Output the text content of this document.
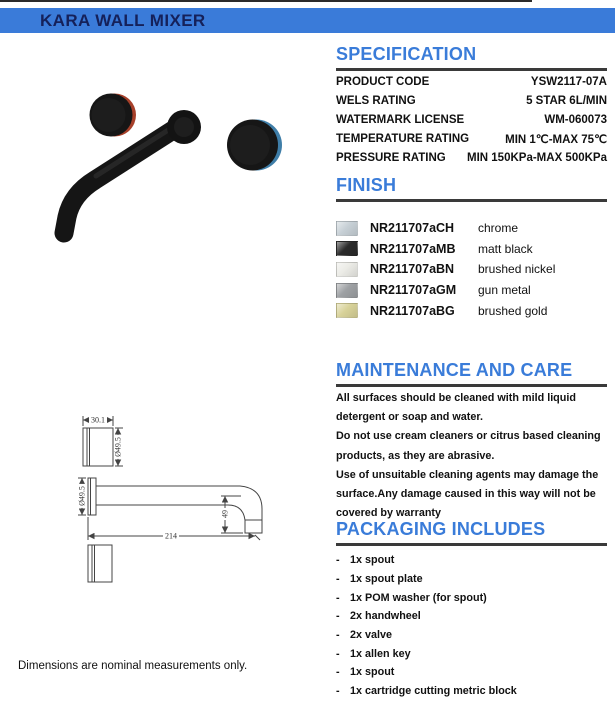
KARA WALL MIXER
30.1
Ø49.5
Ø49.5
49
214
Dimensions are nominal measurements only.
SPECIFICATION
PRODUCT CODE	YSW2117-07A
WELS RATING	5 STAR 6L/MIN
WATERMARK LICENSE	WM-060073
TEMPERATURE RATING	MIN 1℃-MAX 75℃
PRESSURE RATING MIN 150KPa-MAX 500KPa
FINISH
NR211707aCH	chrome
NR211707aMB	matt black
NR211707aBN	brushed nickel
NR211707aGM	gun metal
NR211707aBG	brushed gold
MAINTENANCE AND CARE
All surfaces should be cleaned with mild liquid
detergent or soap and water.
Do not use cream cleaners or citrus based cleaning
products, as they are abrasive.
Use of unsuitable cleaning agents may damage the
surface.Any damage caused in this way will not be
covered by warranty
PACKAGING INCLUDES
- 1x spout
- 1x spout plate
- 1x POM washer (for spout)
- 2x handwheel
- 2x valve
- 1x allen key
- 1x spout
- 1x cartridge cutting metric block
